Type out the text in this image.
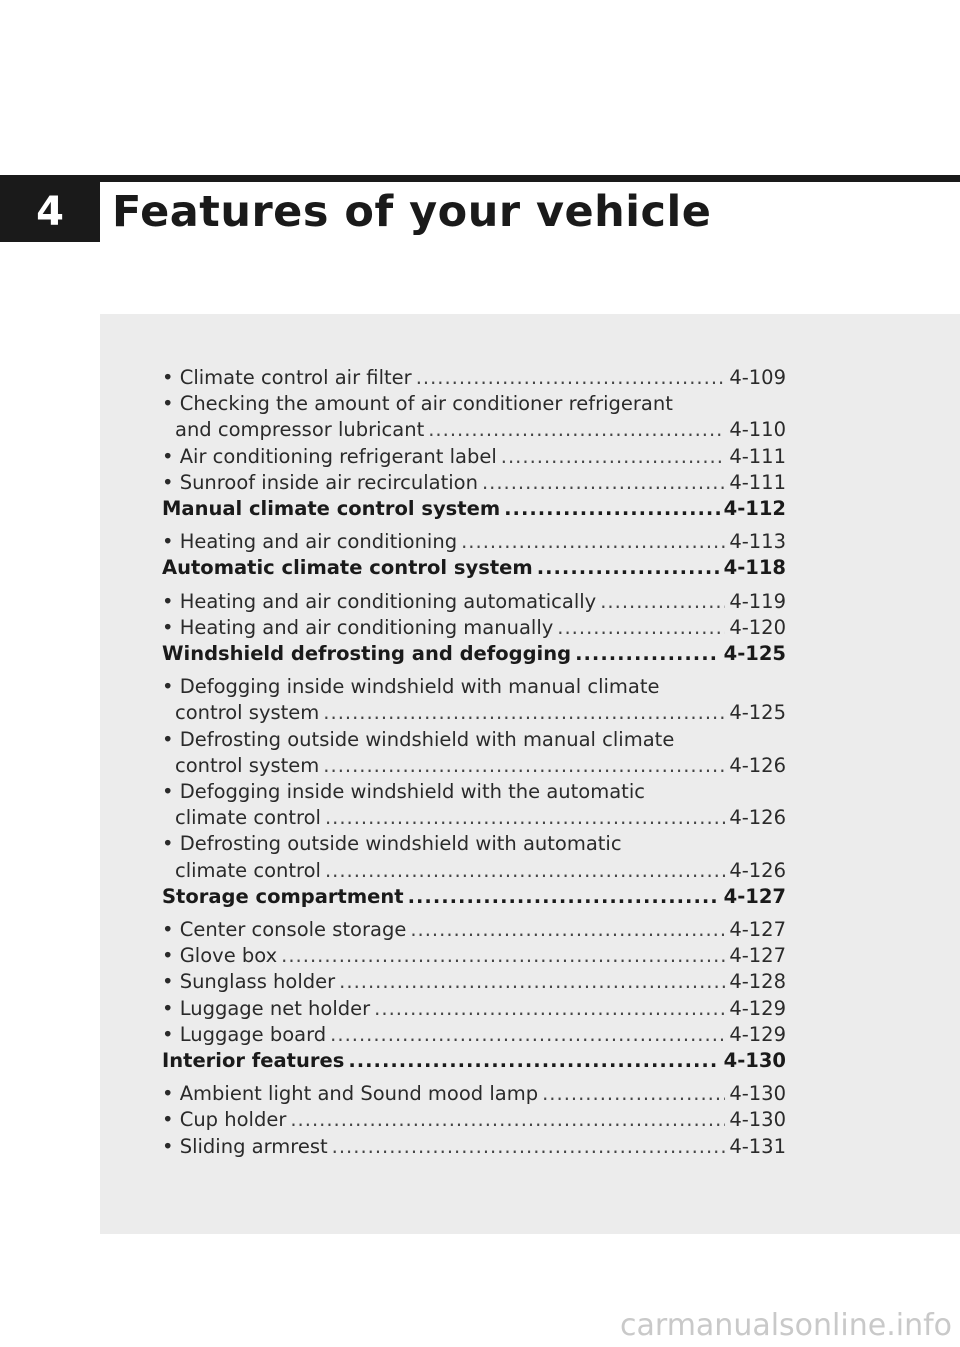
4	Features of your vehicle
• Climate control air filter .....	4-109
• Checking the amount of air conditioner refrigerant
and compressor lubricant .....	4-110
• Air conditioning refrigerant label .....	4-111
• Sunroof inside air recirculation .....	4-111
Manual climate control system .....	4-112
• Heating and air conditioning .....	4-113
Automatic climate control system .....	4-118
• Heating and air conditioning automatically .....	4-119
• Heating and air conditioning manually .....	4-120
Windshield defrosting and defogging .....	4-125
• Defogging inside windshield with manual climate
control system .....	4-125
• Defrosting outside windshield with manual climate
control system .....	4-126
• Defogging inside windshield with the automatic
climate control .....	4-126
• Defrosting outside windshield with automatic
climate control .....	4-126
Storage compartment .....	4-127
• Center console storage .....	4-127
• Glove box .....	4-127
• Sunglass holder .....	4-128
• Luggage net holder .....	4-129
• Luggage board .....	4-129
Interior features .....	4-130
• Ambient light and Sound mood lamp .....	4-130
• Cup holder .....	4-130
• Sliding armrest .....	4-131
carmanualsonline.info
